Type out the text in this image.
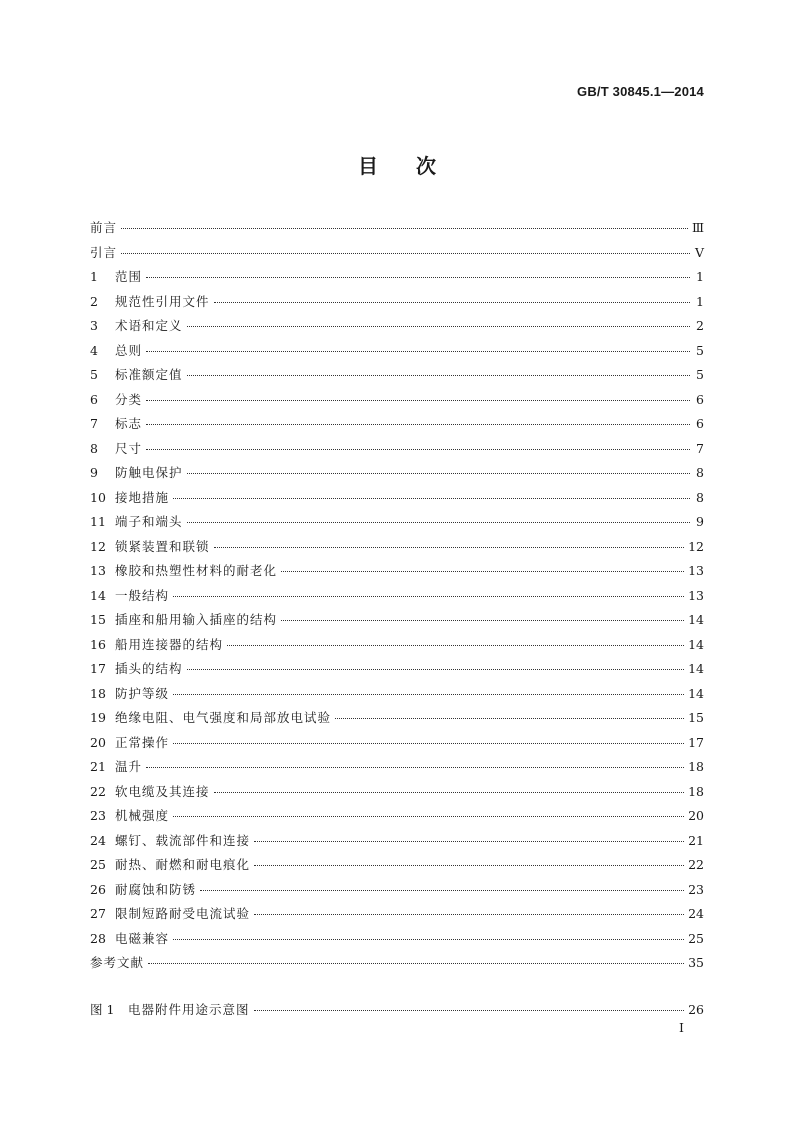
GB/T 30845.1—2014
目次
前言	Ⅲ
引言	Ⅴ
1	范围	1
2	规范性引用文件	1
3	术语和定义	2
4	总则	5
5	标准额定值	5
6	分类	6
7	标志	6
8	尺寸	7
9	防触电保护	8
10 接地措施	8
11 端子和端头	9
12 锁紧装置和联锁	12
13 橡胶和热塑性材料的耐老化	13
14 一般结构	13
15 插座和船用输入插座的结构	14
16 船用连接器的结构	14
17 插头的结构	14
18 防护等级	14
19 绝缘电阻、电气强度和局部放电试验	15
20 正常操作	17
21 温升	18
22 软电缆及其连接	18
23 机械强度	20
24 螺钉、载流部件和连接	21
25 耐热、耐燃和耐电痕化	22
26 耐腐蚀和防锈	23
27 限制短路耐受电流试验	24
28 电磁兼容	25
参考文献	35
图 1	电器附件用途示意图	26
I
